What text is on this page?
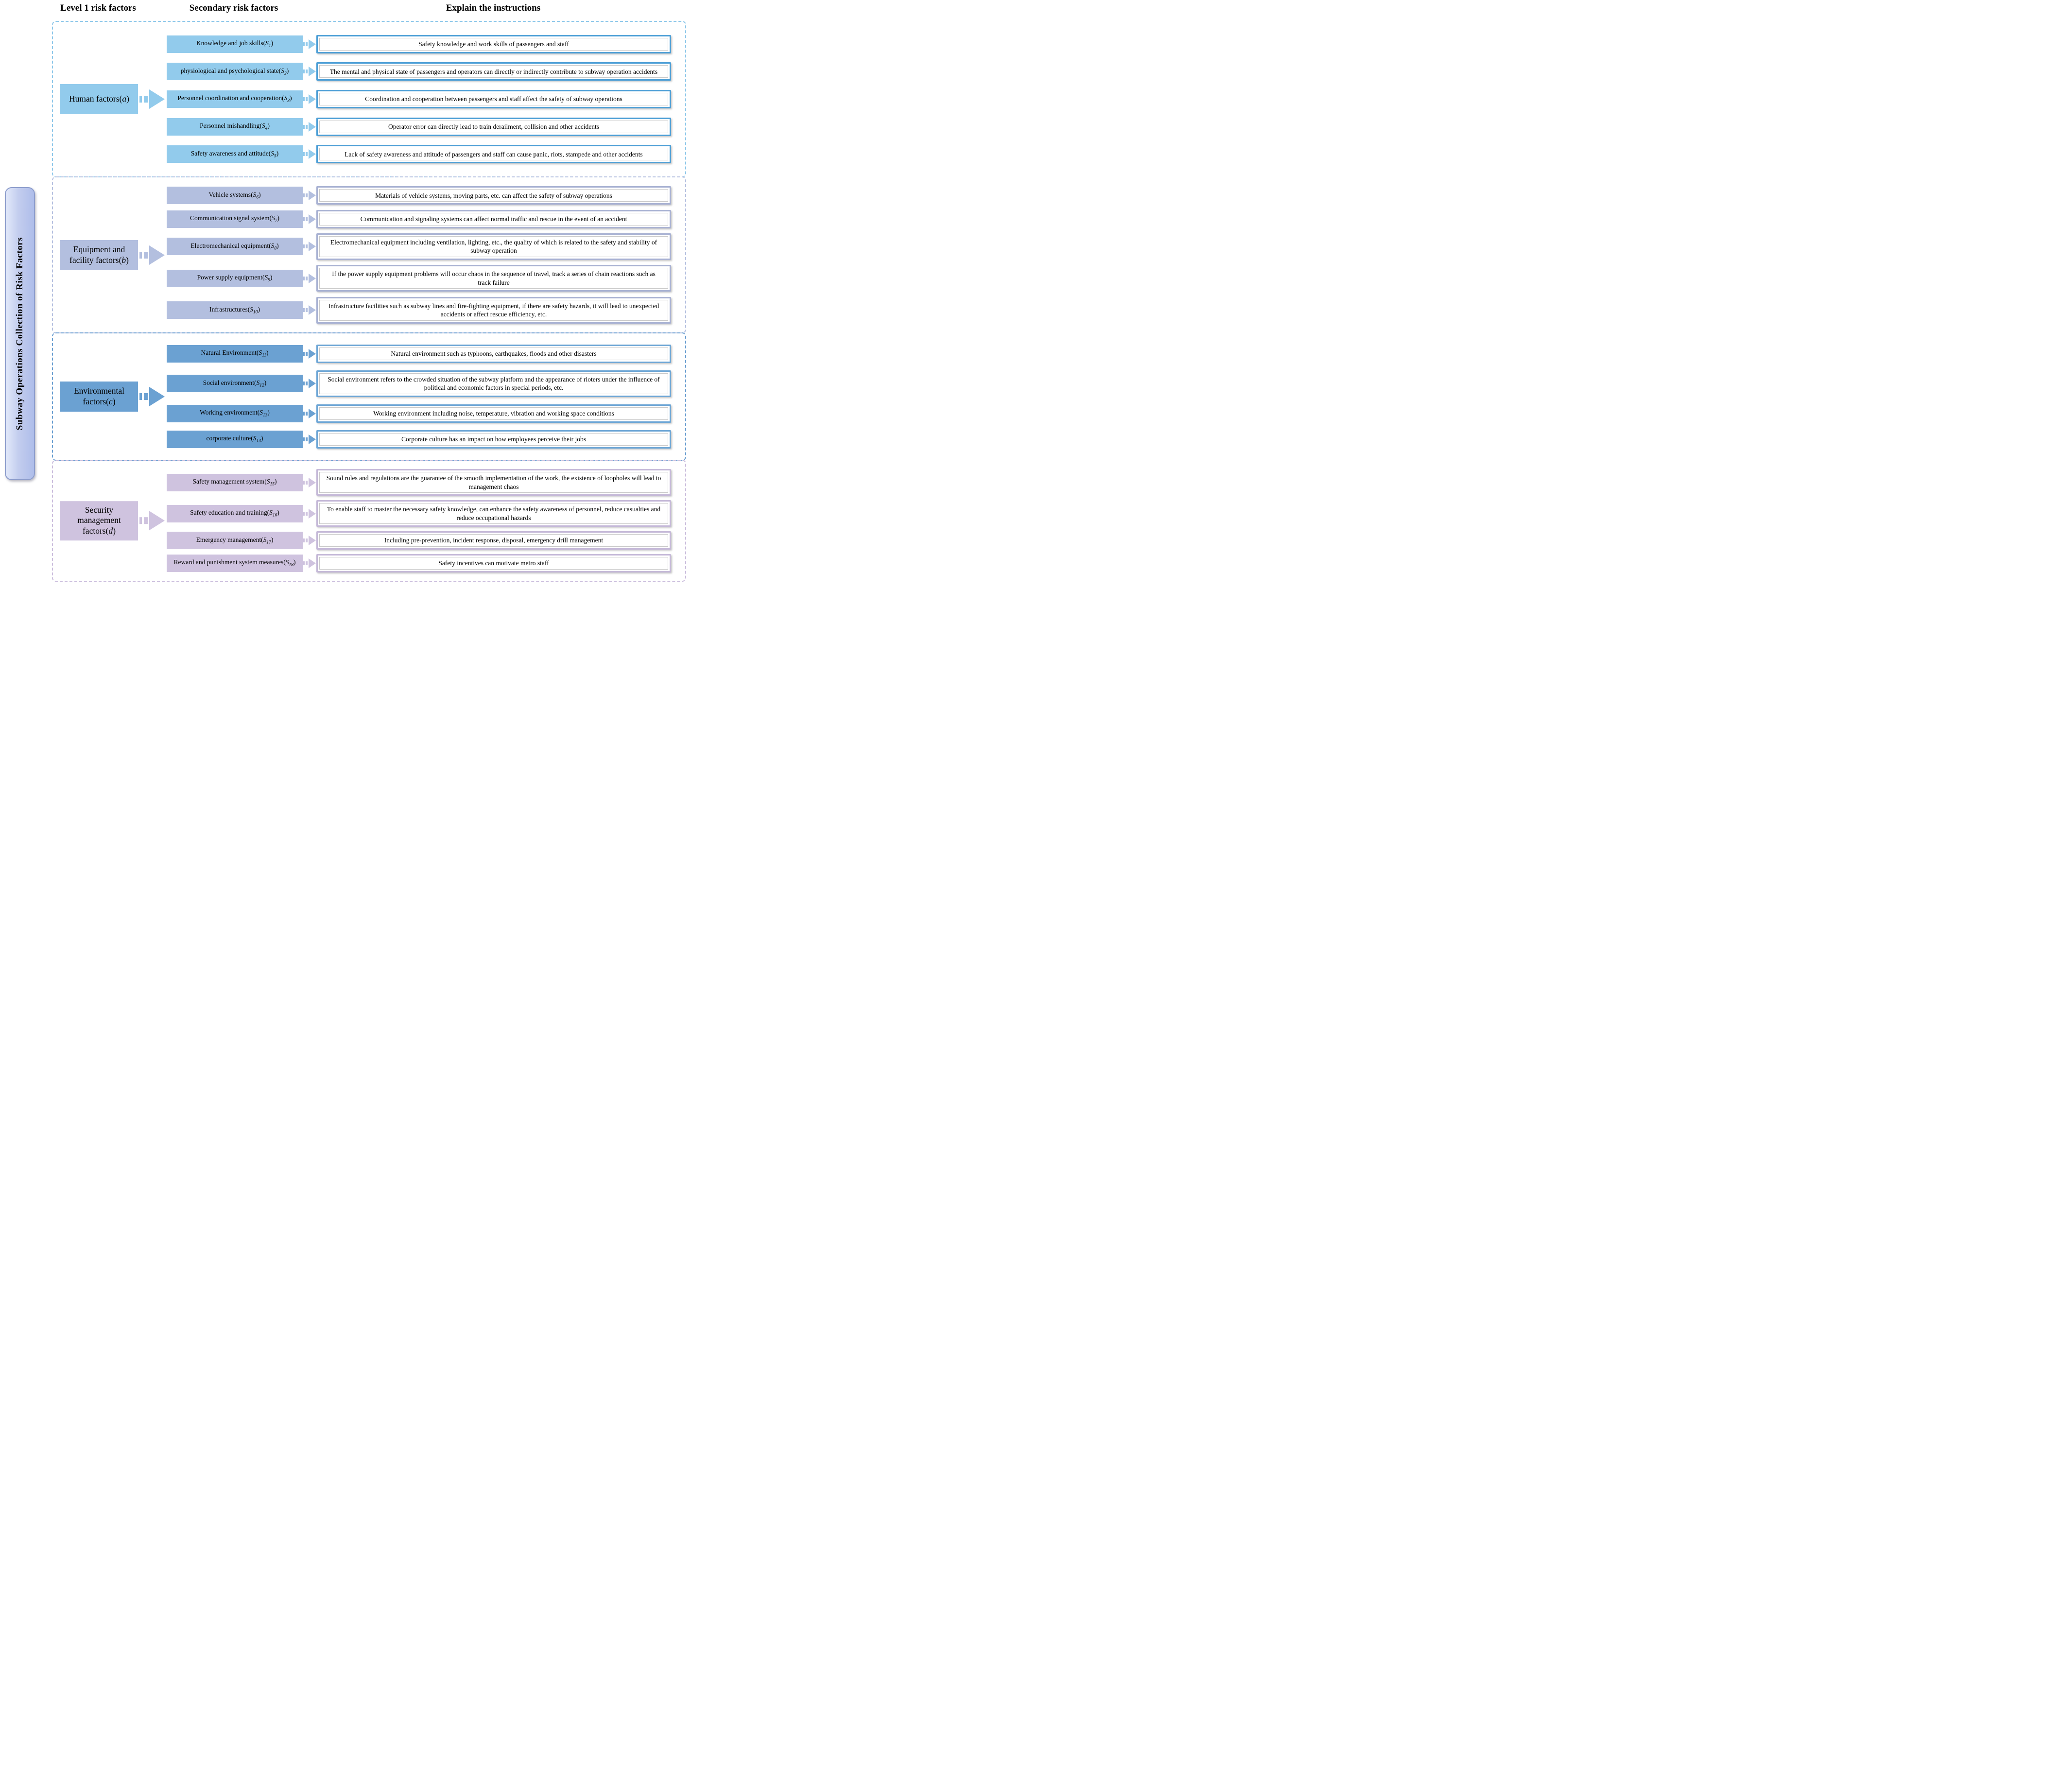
Level 1 risk factors	Secondary risk factors	Explain the instructions
Subway Operations Collection of Risk Factors
Human factors(a)
Knowledge and job $skills(S_1)$	Safety knowledge and work skills of passengers and staff
physiological and psychological $state(S_2)$	The mental and physical state of passengers and operators can directly or indirectly contribute to subway operation accidents
Personnel coordination and $cooperation(S_3)$	Coordination and cooperation between passengers and staff affect the safety of subway operations
Personnel $mishandling(S_4)$	Operator error can directly lead to train derailment, collision and other accidents
Safety awareness and $attitude(S_5)$	Lack of safety awareness and attitude of passengers and staff can cause panic, riots, stampede and other accidents
Equipment and facility factors(b)
Vehicle $systems(S_6)$	Materials of vehicle systems, moving parts, etc. can affect the safety of subway operations
Communication signal $system(S_7)$	Communication and signaling systems can affect normal traffic and rescue in the event of an accident
Electromechanical $equipment(S_8)$	Electromechanical equipment including ventilation, lighting, etc., the quality of which is related to the safety and stability of subway operation
Power supply $equipment(S_9)$	If the power supply equipment problems will occur chaos in the sequence of travel, track a series of chain reactions such as track failure
$Infrastructures(S_{10})$	Infrastructure facilities such as subway lines and fire-fighting equipment, if there are safety hazards, it will lead to unexpected accidents or affect rescue efficiency, etc.
Environmental factors(c)
Natural $Environment(S_{11})$	Natural environment such as typhoons, earthquakes, floods and other disasters
Social $environment(S_{12})$	Social environment refers to the crowded situation of the subway platform and the appearance of rioters under the influence of political and economic factors in special periods, etc.
Working $environment(S_{13})$	Working environment including noise, temperature, vibration and working space conditions
corporate $culture(S_{14})$	Corporate culture has an impact on how employees perceive their jobs
Security management factors(d)
Safety management $system(S_{15})$	Sound rules and regulations are the guarantee of the smooth implementation of the work, the existence of loopholes will lead to management chaos
Safety education and $training(S_{16})$	To enable staff to master the necessary safety knowledge, can enhance the safety awareness of personnel, reduce casualties and reduce occupational hazards
Emergency $management(S_{17})$	Including pre-prevention, incident response, disposal, emergency drill management
Reward and punishment system $measures(S_{18})$	Safety incentives can motivate metro staff
